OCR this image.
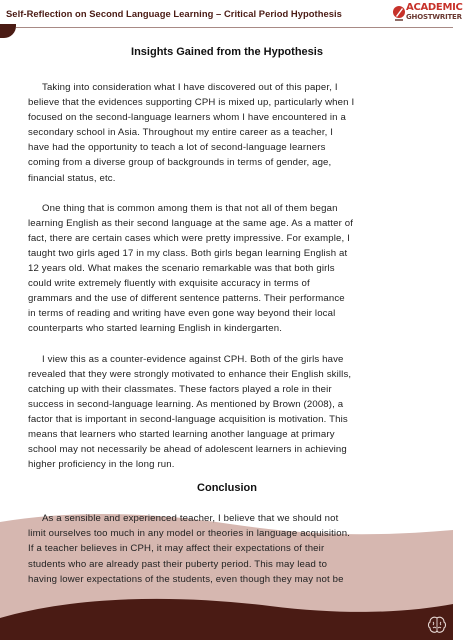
Self-Reflection on Second Language Learning – Critical Period Hypothesis
ACADEMIC
GHOSTWRITER
Insights Gained from the Hypothesis

Taking into consideration what I have discovered out of this paper, I

believe that the evidences supporting CPH is mixed up, particularly when I

focused on the second-language learners whom I have encountered in a

secondary school in Asia. Throughout my entire career as a teacher, I

have had the opportunity to teach a lot of second-language learners

coming from a diverse group of backgrounds in terms of gender, age,

financial status, etc.

One thing that is common among them is that not all of them began

learning English as their second language at the same age. As a matter of

fact, there are certain cases which were pretty impressive. For example, I

taught two girls aged 17 in my class. Both girls began learning English at

12 years old. What makes the scenario remarkable was that both girls

could write extremely fluently with exquisite accuracy in terms of

grammars and the use of different sentence patterns. Their performance

in terms of reading and writing have even gone way beyond their local

counterparts who started learning English in kindergarten.

I view this as a counter-evidence against CPH. Both of the girls have

revealed that they were strongly motivated to enhance their English skills,

catching up with their classmates. These factors played a role in their

success in second-language learning. As mentioned by Brown (2008), a

factor that is important in second-language acquisition is motivation. This

means that learners who started learning another language at primary

school may not necessarily be ahead of adolescent learners in achieving

higher proficiency in the long run.

Conclusion

As a sensible and experienced teacher, I believe that we should not

limit ourselves too much in any model or theories in language acquisition.

If a teacher believes in CPH, it may affect their expectations of their

students who are already past their puberty period. This may lead to

having lower expectations of the students, even though they may not be
